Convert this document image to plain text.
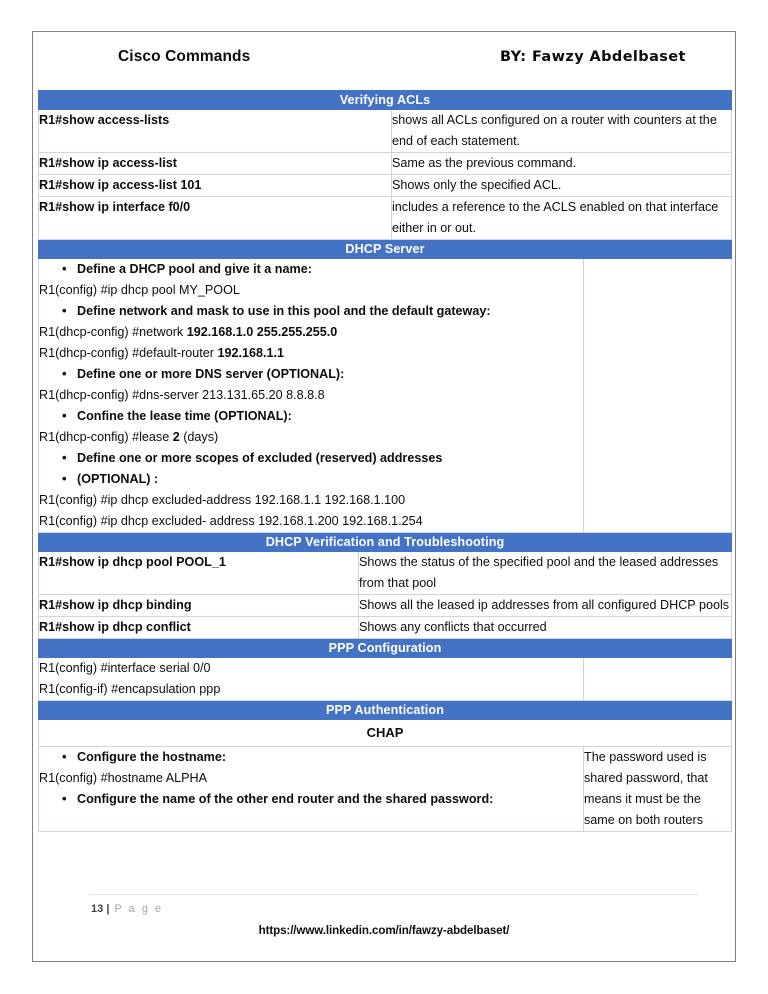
Cisco Commands	BY: Fawzy Abdelbaset
Verifying ACLs			
R1#show access-lists		shows all ACLs configured on a router with counters at the end of each statement.	
R1#show ip access-list		Same as the previous command.	
R1#show ip access-list 101		Shows only the specified ACL.	
R1#show ip interface f0/0		includes a reference to the ACLS enabled on that interface either in or out.	
DHCP Server			

• Define a DHCP pool and give it a name:
R1(config) #ip dhcp pool MY_POOL
• Define network and mask to use in this pool and the default gateway:
R1(dhcp-config) #network 192.168.1.0 255.255.255.0
R1(dhcp-config) #default-router 192.168.1.1
• Define one or more DNS server (OPTIONAL):
R1(dhcp-config) #dns-server 213.131.65.20 8.8.8.8
• Confine the lease time (OPTIONAL):
R1(dhcp-config) #lease 2 (days)
• Define one or more scopes of excluded (reserved) addresses
• (OPTIONAL) :
R1(config) #ip dhcp excluded-address 192.168.1.1 192.168.1.100
R1(config) #ip dhcp excluded- address 192.168.1.200 192.168.1.254

DHCP Verification and Troubleshooting			
R1#show ip dhcp pool POOL_1	Shows the status of the specified pool and the leased addresses from that pool		
R1#show ip dhcp binding	Shows all the leased ip addresses from all configured DHCP pools		
R1#show ip dhcp conflict	Shows any conflicts that occurred		
PPP Configuration			

R1(config) #interface serial 0/0
R1(config-if) #encapsulation ppp			

PPP Authentication			
CHAP			

• Configure the hostname:
R1(config) #hostname ALPHA
• Configure the name of the other end router and the shared password:
	The password used is shared password, that means it must be the same on both routers
13 | P a g e
https://www.linkedin.com/in/fawzy-abdelbaset/
